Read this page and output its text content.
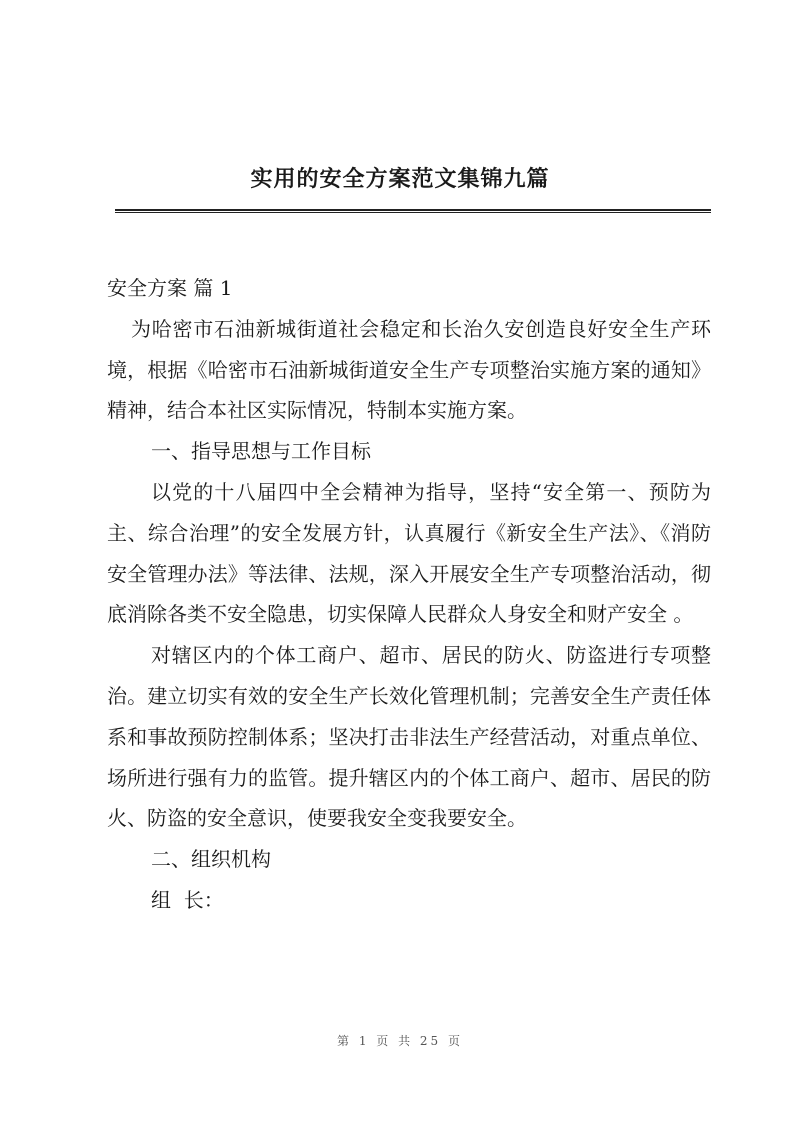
实用的安全方案范文集锦九篇

安全方案 篇 1

为哈密市石油新城街道社会稳定和长治久安创造良好安全生产环境，根据《哈密市石油新城街道安全生产专项整治实施方案的通知》精神，结合本社区实际情况，特制本实施方案。

一、指导思想与工作目标

以党的十八届四中全会精神为指导，坚持“安全第一、预防为主、综合治理”的安全发展方针，认真履行《新安全生产法》、《消防安全管理办法》等法律、法规，深入开展安全生产专项整治活动，彻底消除各类不安全隐患，切实保障人民群众人身安全和财产安全 。

对辖区内的个体工商户、超市、居民的防火、防盗进行专项整治。建立切实有效的安全生产长效化管理机制；完善安全生产责任体系和事故预防控制体系；坚决打击非法生产经营活动，对重点单位、场所进行强有力的监管。提升辖区内的个体工商户、超市、居民的防火、防盗的安全意识，使要我安全变我要安全。

二、组织机构

组  长：

第 1 页 共 25 页
